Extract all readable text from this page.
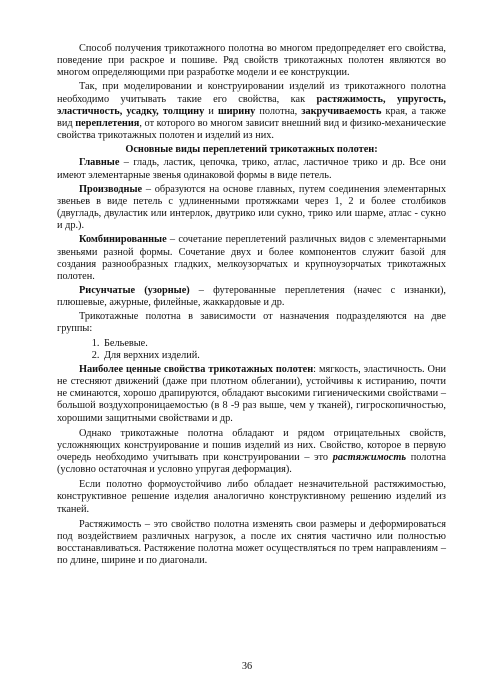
Способ получения трикотажного полотна во многом предопределяет его свойства, поведение при раскрое и пошиве. Ряд свойств трикотажных полотен являются во многом определяющими при разработке модели и ее конструкции.

Так, при моделировании и конструировании изделий из трикотажного полотна необходимо учитывать такие его свойства, как растяжимость, упругость, эластичность, усадку, толщину и ширину полотна, закручиваемость края, а также вид переплетения, от которого во многом зависит внешний вид и физико-механические свойства трикотажных полотен и изделий из них.

Основные виды переплетений трикотажных полотен:

Главные – гладь, ластик, цепочка, трико, атлас, ластичное трико и др. Все они имеют элементарные звенья одинаковой формы в виде петель.

Производные – образуются на основе главных, путем соединения элементарных звеньев в виде петель с удлиненными протяжками через 1, 2 и более столбиков (двугладь, двуластик или интерлок, двутрико или сукно, трико или шарме, атлас - сукно и др.).

Комбинированные – сочетание переплетений различных видов с элементарными звеньями разной формы. Сочетание двух и более компонентов служит базой для создания разнообразных гладких, мелкоузорчатых и крупноузорчатых трикотажных полотен.

Рисунчатые (узорные) – футерованные переплетения (начес с изнанки), плюшевые, ажурные, филейные, жаккардовые и др.

Трикотажные полотна в зависимости от назначения подразделяются на две группы:

1. Бельевые.
2. Для верхних изделий.

Наиболее ценные свойства трикотажных полотен: мягкость, эластичность. Они не стесняют движений (даже при плотном облегании), устойчивы к истиранию, почти не сминаются, хорошо драпируются, обладают высокими гигиеническими свойствами – большой воздухопроницаемостью (в 8 -9 раз выше, чем у тканей), гигроскопичностью, хорошими защитными свойствами и др.

Однако трикотажные полотна обладают и рядом отрицательных свойств, усложняющих конструирование и пошив изделий из них. Свойство, которое в первую очередь необходимо учитывать при конструировании – это растяжимость полотна (условно остаточная и условно упругая деформация).

Если полотно формоустойчиво либо обладает незначительной растяжимостью, конструктивное решение изделия аналогично конструктивному решению изделий из тканей.

Растяжимость – это свойство полотна изменять свои размеры и деформироваться под воздействием различных нагрузок, а после их снятия частично или полностью восстанавливаться. Растяжение полотна может осуществляться по трем направлениям – по длине, ширине и по диагонали.

36
